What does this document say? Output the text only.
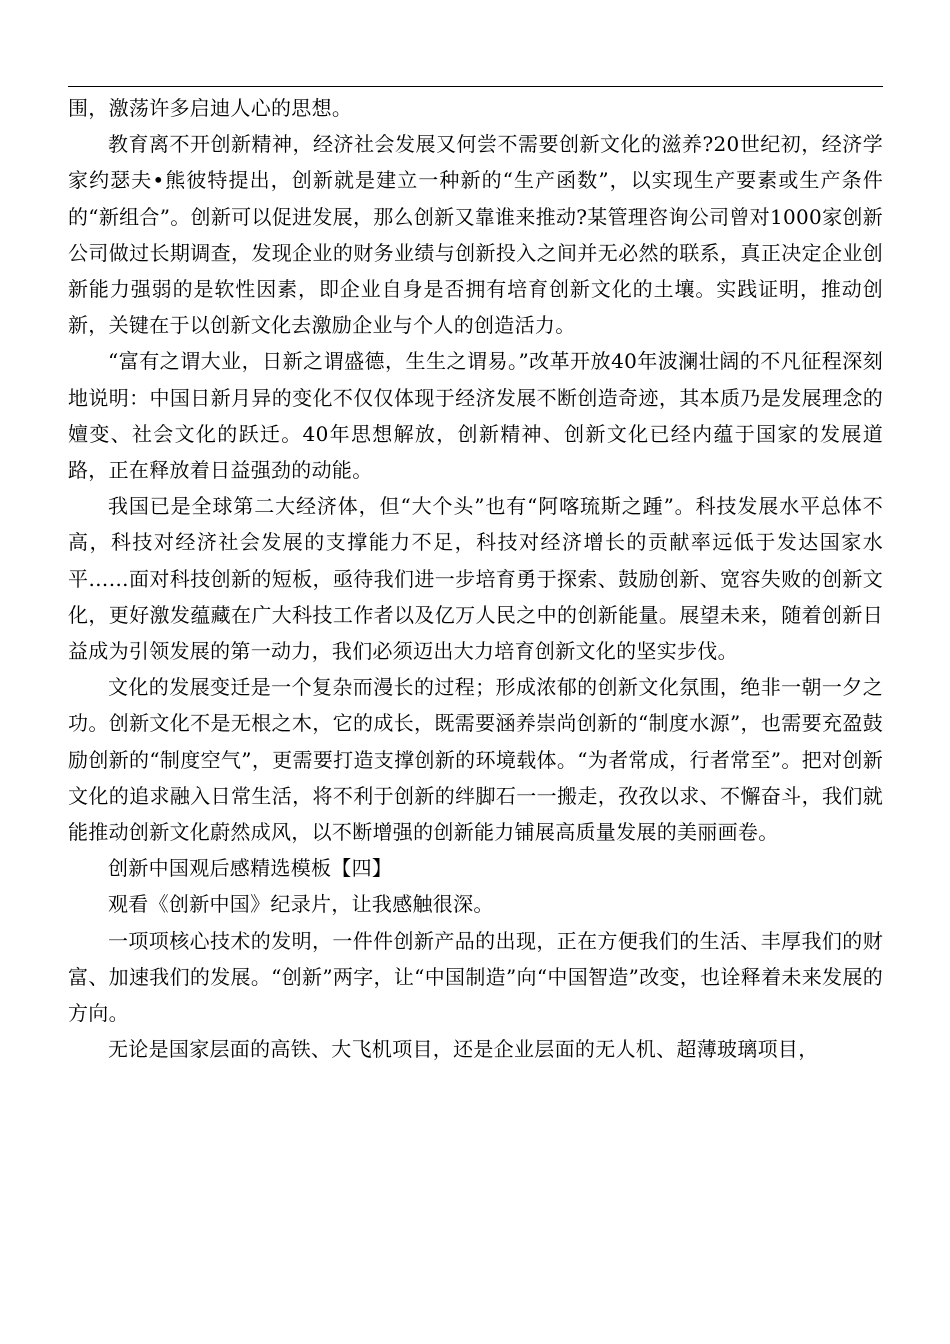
围，激荡许多启迪人心的思想。

教育离不开创新精神，经济社会发展又何尝不需要创新文化的滋养?20世纪初，经济学家约瑟夫•熊彼特提出，创新就是建立一种新的“生产函数”，以实现生产要素或生产条件的“新组合”。创新可以促进发展，那么创新又靠谁来推动?某管理咨询公司曾对1000家创新公司做过长期调查，发现企业的财务业绩与创新投入之间并无必然的联系，真正决定企业创新能力强弱的是软性因素，即企业自身是否拥有培育创新文化的土壤。实践证明，推动创新，关键在于以创新文化去激励企业与个人的创造活力。

“富有之谓大业，日新之谓盛德，生生之谓易。”改革开放40年波澜壮阔的不凡征程深刻地说明：中国日新月异的变化不仅仅体现于经济发展不断创造奇迹，其本质乃是发展理念的嬗变、社会文化的跃迁。40年思想解放，创新精神、创新文化已经内蕴于国家的发展道路，正在释放着日益强劲的动能。

我国已是全球第二大经济体，但“大个头”也有“阿喀琉斯之踵”。科技发展水平总体不高，科技对经济社会发展的支撑能力不足，科技对经济增长的贡献率远低于发达国家水平……面对科技创新的短板，亟待我们进一步培育勇于探索、鼓励创新、宽容失败的创新文化，更好激发蕴藏在广大科技工作者以及亿万人民之中的创新能量。展望未来，随着创新日益成为引领发展的第一动力，我们必须迈出大力培育创新文化的坚实步伐。

文化的发展变迁是一个复杂而漫长的过程；形成浓郁的创新文化氛围，绝非一朝一夕之功。创新文化不是无根之木，它的成长，既需要涵养崇尚创新的“制度水源”，也需要充盈鼓励创新的“制度空气”，更需要打造支撑创新的环境载体。“为者常成，行者常至”。把对创新文化的追求融入日常生活，将不利于创新的绊脚石一一搬走，孜孜以求、不懈奋斗，我们就能推动创新文化蔚然成风，以不断增强的创新能力铺展高质量发展的美丽画卷。

创新中国观后感精选模板【四】

观看《创新中国》纪录片，让我感触很深。

一项项核心技术的发明，一件件创新产品的出现，正在方便我们的生活、丰厚我们的财富、加速我们的发展。“创新”两字，让“中国制造”向“中国智造”改变，也诠释着未来发展的方向。

无论是国家层面的高铁、大飞机项目，还是企业层面的无人机、超薄玻璃项目，
